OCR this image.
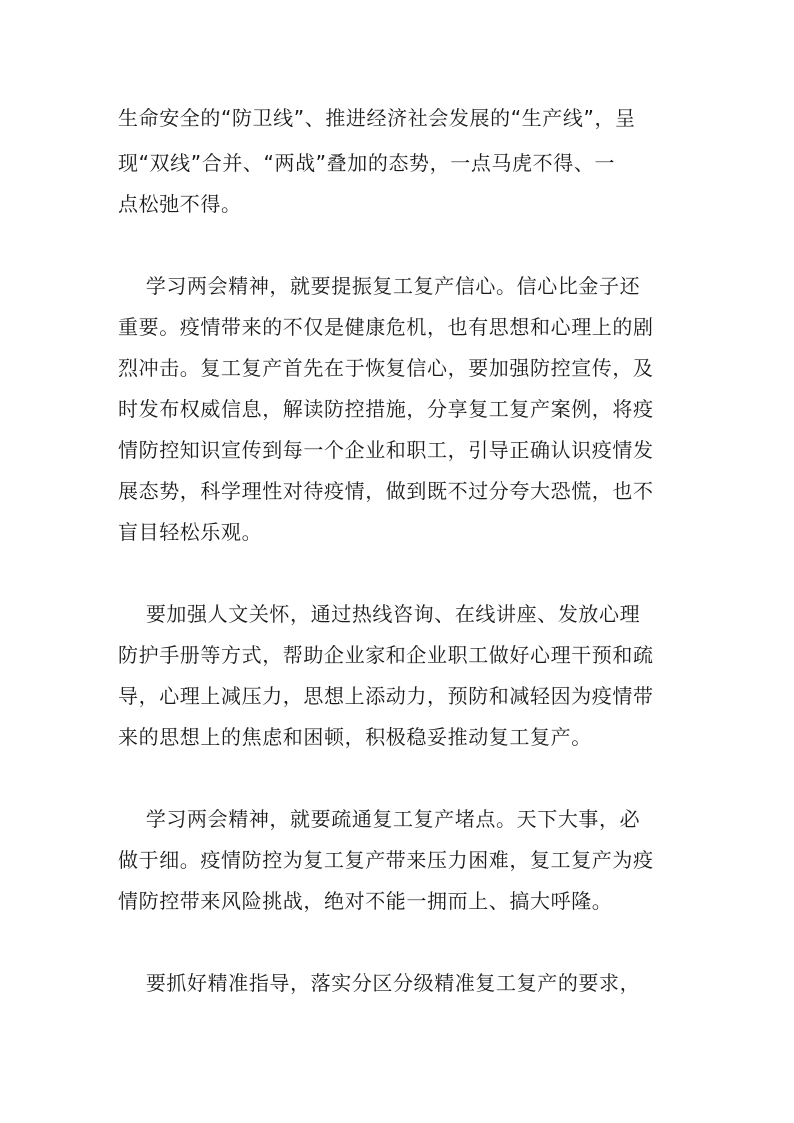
生命安全的“防卫线”、推进经济社会发展的“生产线”，呈
现“双线”合并、“两战”叠加的态势，一点马虎不得、一
点松弛不得。
学习两会精神，就要提振复工复产信心。信心比金子还
重要。疫情带来的不仅是健康危机，也有思想和心理上的剧
烈冲击。复工复产首先在于恢复信心，要加强防控宣传，及
时发布权威信息，解读防控措施，分享复工复产案例，将疫
情防控知识宣传到每一个企业和职工，引导正确认识疫情发
展态势，科学理性对待疫情，做到既不过分夸大恐慌，也不
盲目轻松乐观。
要加强人文关怀，通过热线咨询、在线讲座、发放心理
防护手册等方式，帮助企业家和企业职工做好心理干预和疏
导，心理上减压力，思想上添动力，预防和减轻因为疫情带
来的思想上的焦虑和困顿，积极稳妥推动复工复产。
学习两会精神，就要疏通复工复产堵点。天下大事，必
做于细。疫情防控为复工复产带来压力困难，复工复产为疫
情防控带来风险挑战，绝对不能一拥而上、搞大呼隆。
要抓好精准指导，落实分区分级精准复工复产的要求，
